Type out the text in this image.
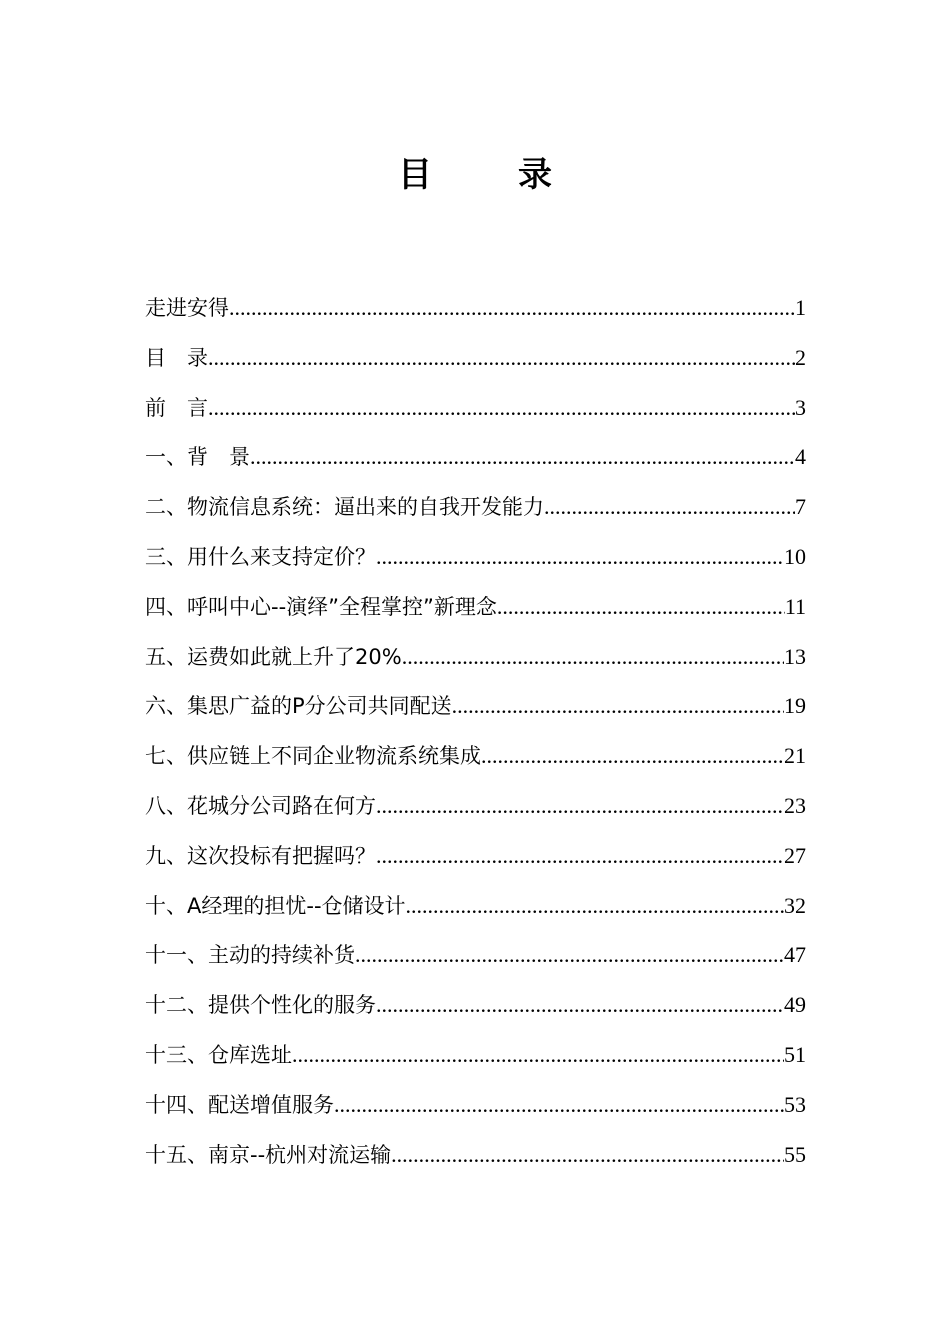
目　录
走进安得 .....	1
目　录 .....	2
前　言 .....	3
一、背　景 .....	4
二、物流信息系统：逼出来的自我开发能力 .....	7
三、用什么来支持定价？ .....	10
四、呼叫中心--演绎”全程掌控”新理念 .....	11
五、运费如此就上升了20% .....	13
六、集思广益的P分公司共同配送 .....	19
七、供应链上不同企业物流系统集成 .....	21
八、花城分公司路在何方 .....	23
九、这次投标有把握吗？ .....	27
十、A经理的担忧--仓储设计 .....	32
十一、主动的持续补货 .....	47
十二、提供个性化的服务 .....	49
十三、仓库选址 .....	51
十四、配送增值服务 .....	53
十五、南京--杭州对流运输 .....	55
